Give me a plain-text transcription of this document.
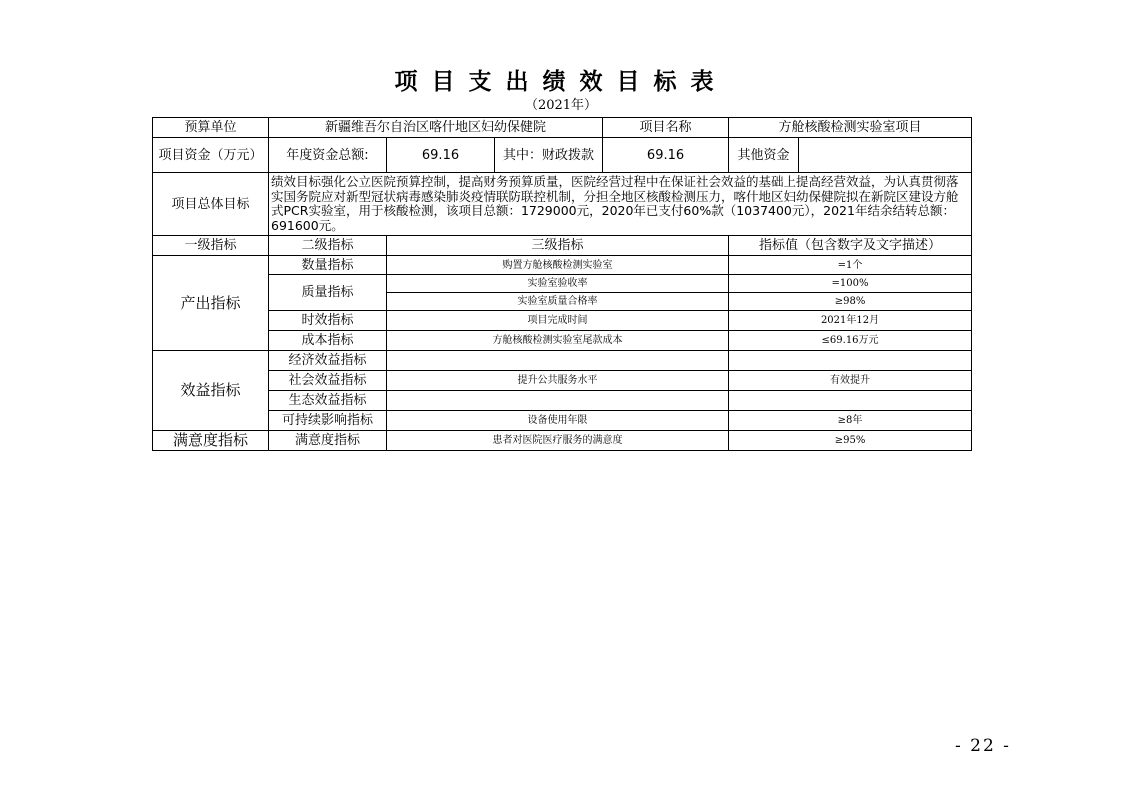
项目支出绩效目标表
（2021年）
预算单位	新疆维吾尔自治区喀什地区妇幼保健院			项目名称	方舱核酸检测实验室项目	
项目资金（万元）	年度资金总额:	69.16	其中：财政拨款	69.16	其他资金	
项目总体目标	绩效目标强化公立医院预算控制，提高财务预算质量，医院经营过程中在保证社会效益的基础上提高经营效益，为认真贯彻落实国务院应对新型冠状病毒感染肺炎疫情联防联控机制，分担全地区核酸检测压力，喀什地区妇幼保健院拟在新院区建设方舱式PCR实验室，用于核酸检测，该项目总额：1729000元，2020年已支付60%款（1037400元），2021年结余结转总额：691600元。					
一级指标	二级指标	三级指标			指标值（包含数字及文字描述）	
产出指标	数量指标	购置方舱核酸检测实验室			=1个	
	质量指标	实验室验收率			=100%	
		实验室质量合格率			≥98%	
	时效指标	项目完成时间			2021年12月	
	成本指标	方舱核酸检测实验室尾款成本			≤69.16万元	
效益指标	经济效益指标					
	社会效益指标	提升公共服务水平			有效提升	
	生态效益指标					
	可持续影响指标	设备使用年限			≥8年	
满意度指标	满意度指标	患者对医院医疗服务的满意度			≥95%	
- 22 -
